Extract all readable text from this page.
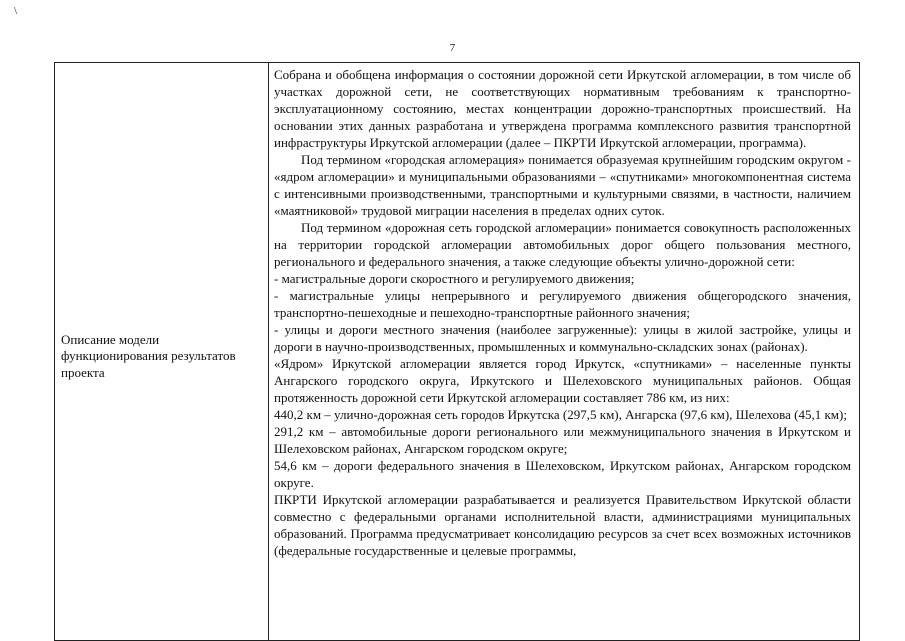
\
7
Описание модели функционирования результатов проекта

Собрана и обобщена информация о состоянии дорожной сети Иркутской агломерации, в том числе об участках дорожной сети, не соответствующих нормативным требованиям к транспортно-эксплуатационному состоянию, местах концентрации дорожно-транспортных происшествий. На основании этих данных разработана и утверждена программа комплексного развития транспортной инфраструктуры Иркутской агломерации (далее – ПКРТИ Иркутской агломерации, программа).

Под термином «городская агломерация» понимается образуемая крупнейшим городским округом - «ядром агломерации» и муниципальными образованиями – «спутниками» многокомпонентная система с интенсивными производственными, транспортными и культурными связями, в частности, наличием «маятниковой» трудовой миграции населения в пределах одних суток.

Под термином «дорожная сеть городской агломерации» понимается совокупность расположенных на территории городской агломерации автомобильных дорог общего пользования местного, регионального и федерального значения, а также следующие объекты улично-дорожной сети:

- магистральные дороги скоростного и регулируемого движения;

- магистральные улицы непрерывного и регулируемого движения общегородского значения, транспортно-пешеходные и пешеходно-транспортные районного значения;

- улицы и дороги местного значения (наиболее загруженные): улицы в жилой застройке, улицы и дороги в научно-производственных, промышленных и коммунально-складских зонах (районах).

«Ядром» Иркутской агломерации является город Иркутск, «спутниками» – населенные пункты Ангарского городского округа, Иркутского и Шелеховского муниципальных районов. Общая протяженность дорожной сети Иркутской агломерации составляет 786 км, из них:

440,2 км – улично-дорожная сеть городов Иркутска (297,5 км), Ангарска (97,6 км), Шелехова (45,1 км);

291,2 км – автомобильные дороги регионального или межмуниципального значения в Иркутском и Шелеховском районах, Ангарском городском округе;

54,6 км – дороги федерального значения в Шелеховском, Иркутском районах, Ангарском городском округе.

ПКРТИ Иркутской агломерации разрабатывается и реализуется Правительством Иркутской области совместно с федеральными органами исполнительной власти, администрациями муниципальных образований. Программа предусматривает консолидацию ресурсов за счет всех возможных источников (федеральные государственные и целевые программы,
